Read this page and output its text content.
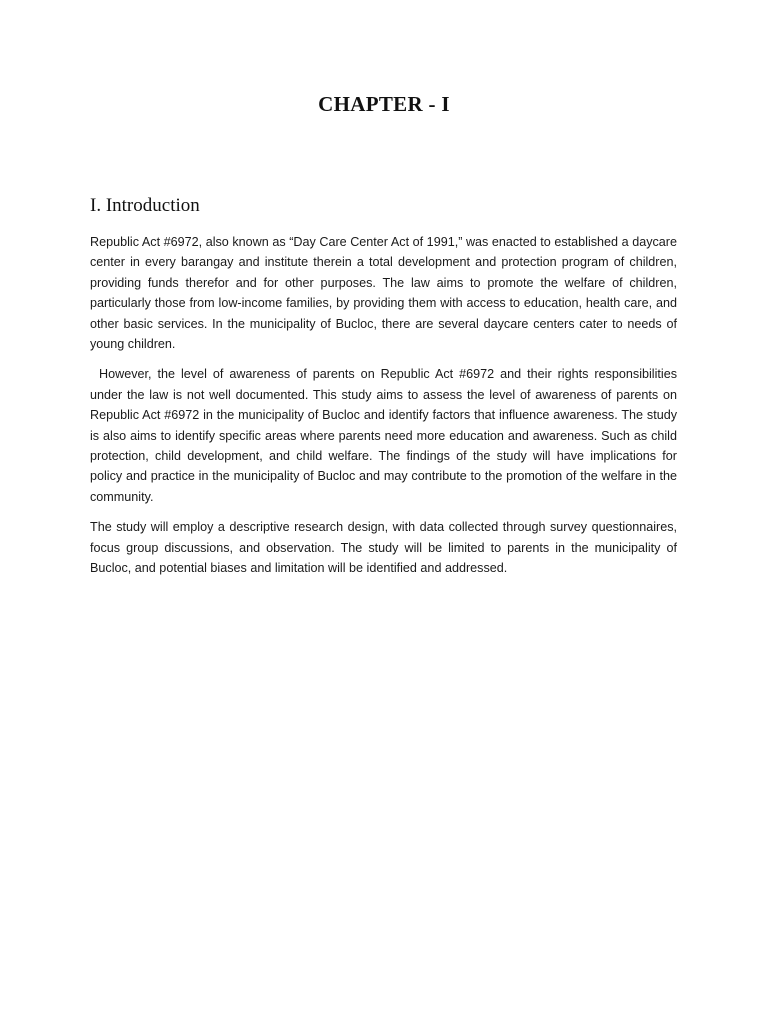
CHAPTER - I
I. Introduction

Republic Act #6972, also known as “Day Care Center Act of 1991,” was enacted to established a daycare center in every barangay and institute therein a total development and protection program of children, providing funds therefor and for other purposes. The law aims to promote the welfare of children, particularly those from low-income families, by providing them with access to education, health care, and other basic services. In the municipality of Bucloc, there are several daycare centers cater to needs of young children.

However, the level of awareness of parents on Republic Act #6972 and their rights responsibilities under the law is not well documented. This study aims to assess the level of awareness of parents on Republic Act #6972 in the municipality of Bucloc and identify factors that influence awareness. The study is also aims to identify specific areas where parents need more education and awareness. Such as child protection, child development, and child welfare. The findings of the study will have implications for   policy and practice in the municipality of Bucloc and may contribute to the promotion of the welfare in the community.

The study will employ a descriptive research design, with data collected through survey questionnaires, focus group discussions, and observation. The study will be limited to parents in the municipality of Bucloc, and potential biases and limitation will be identified and addressed.
